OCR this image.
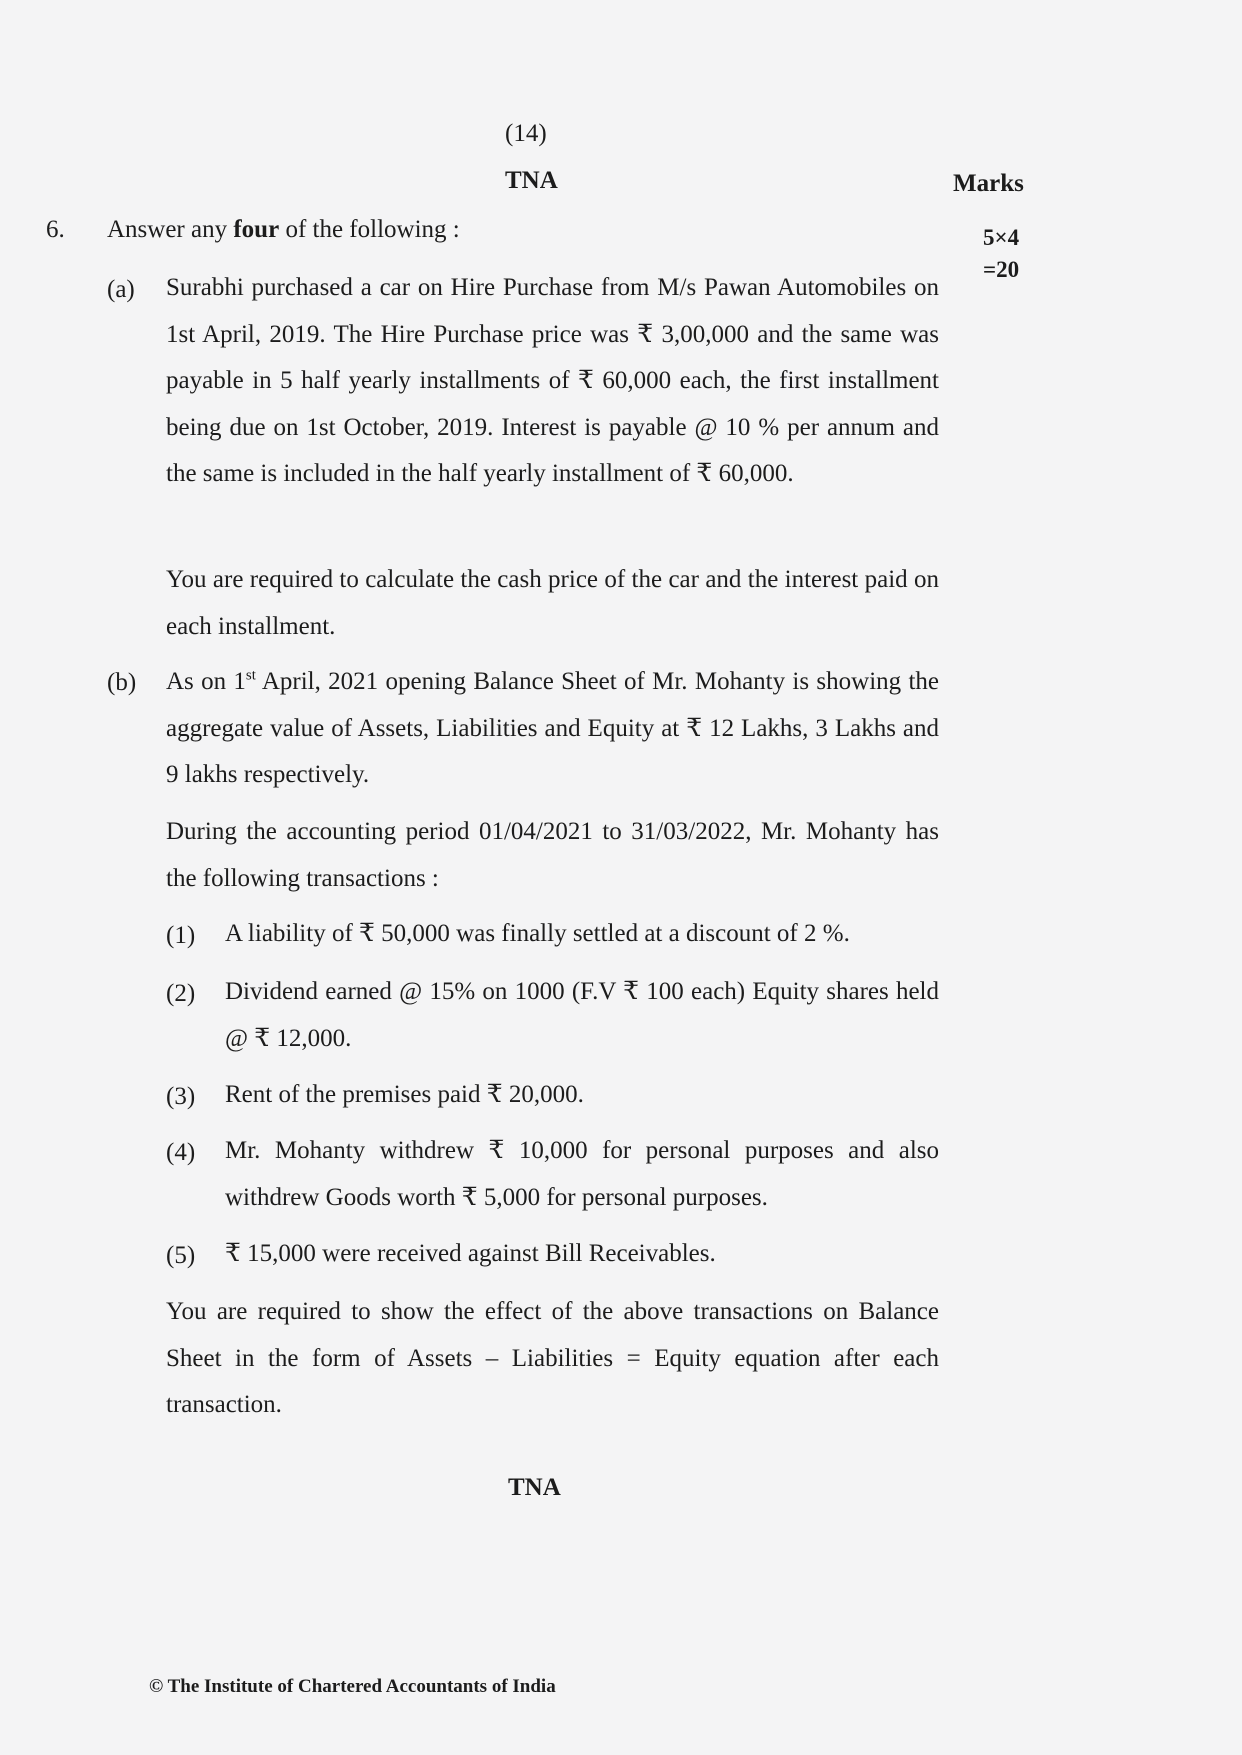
(14)
TNA	Marks
5×4
=20
6. Answer any four of the following :
(a) Surabhi purchased a car on Hire Purchase from M/s Pawan Automobiles on 1st April, 2019. The Hire Purchase price was ₹ 3,00,000 and the same was payable in 5 half yearly installments of ₹ 60,000 each, the first installment being due on 1st October, 2019. Interest is payable @ 10 % per annum and the same is included in the half yearly installment of ₹ 60,000.
You are required to calculate the cash price of the car and the interest paid on each installment.
(b) As on 1st April, 2021 opening Balance Sheet of Mr. Mohanty is showing the aggregate value of Assets, Liabilities and Equity at ₹ 12 Lakhs, 3 Lakhs and 9 lakhs respectively.
During the accounting period 01/04/2021 to 31/03/2022, Mr. Mohanty has the following transactions :
(1) A liability of ₹ 50,000 was finally settled at a discount of 2 %.
(2) Dividend earned @ 15% on 1000 (F.V ₹ 100 each) Equity shares held @ ₹ 12,000.
(3) Rent of the premises paid ₹ 20,000.
(4) Mr. Mohanty withdrew ₹ 10,000 for personal purposes and also withdrew Goods worth ₹ 5,000 for personal purposes.
(5) ₹ 15,000 were received against Bill Receivables.
You are required to show the effect of the above transactions on Balance Sheet in the form of Assets – Liabilities = Equity equation after each transaction.
TNA
© The Institute of Chartered Accountants of India
